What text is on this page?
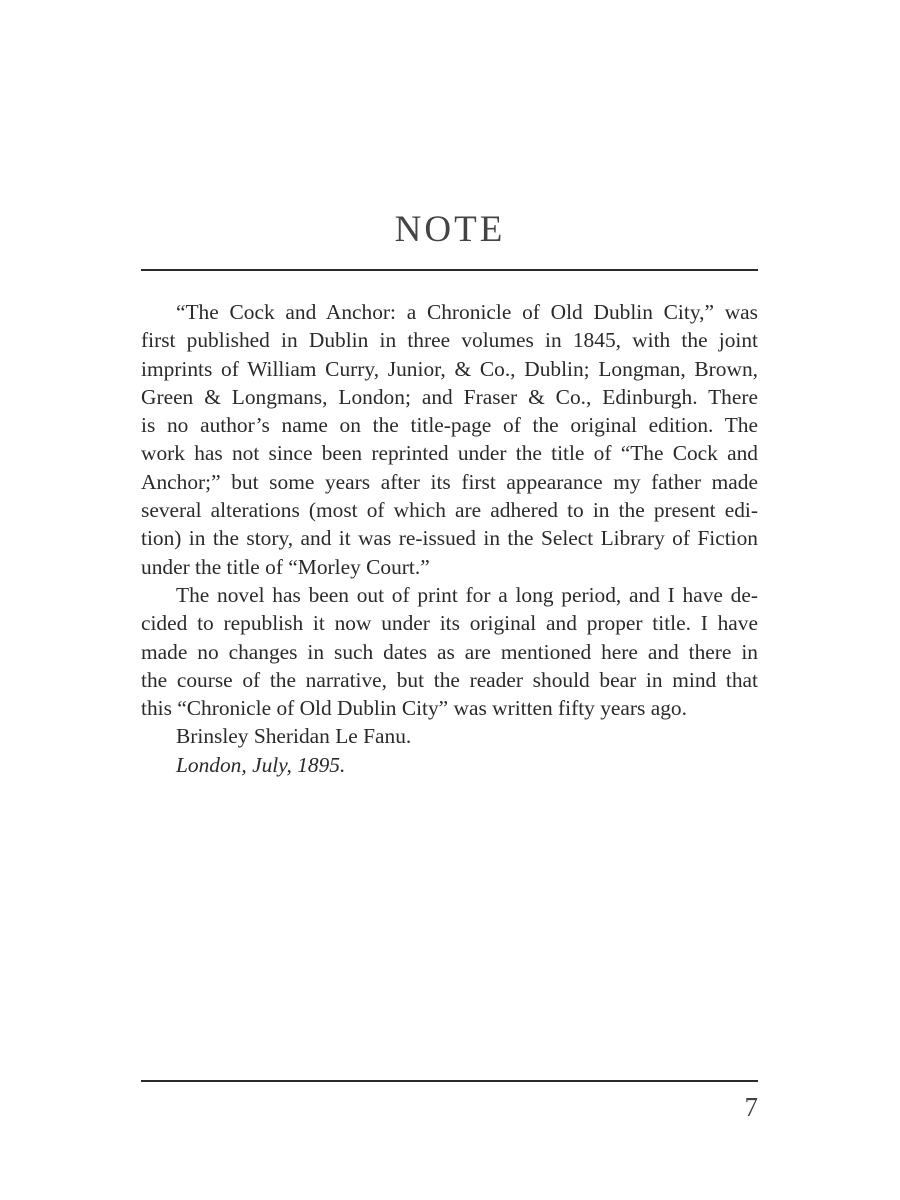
NOTE
“The Cock and Anchor: a Chronicle of Old Dublin City,” was
first published in Dublin in three volumes in 1845, with the joint
imprints of William Curry, Junior, & Co., Dublin; Longman, Brown,
Green & Longmans, London; and Fraser & Co., Edinburgh. There
is no author’s name on the title-page of the original edition. The
work has not since been reprinted under the title of “The Cock and
Anchor;” but some years after its first appearance my father made
several alterations (most of which are adhered to in the present edi-
tion) in the story, and it was re-issued in the Select Library of Fiction
under the title of “Morley Court.”
The novel has been out of print for a long period, and I have de-
cided to republish it now under its original and proper title. I have
made no changes in such dates as are mentioned here and there in
the course of the narrative, but the reader should bear in mind that
this “Chronicle of Old Dublin City” was written fifty years ago.
Brinsley Sheridan Le Fanu.
London, July, 1895.
7
